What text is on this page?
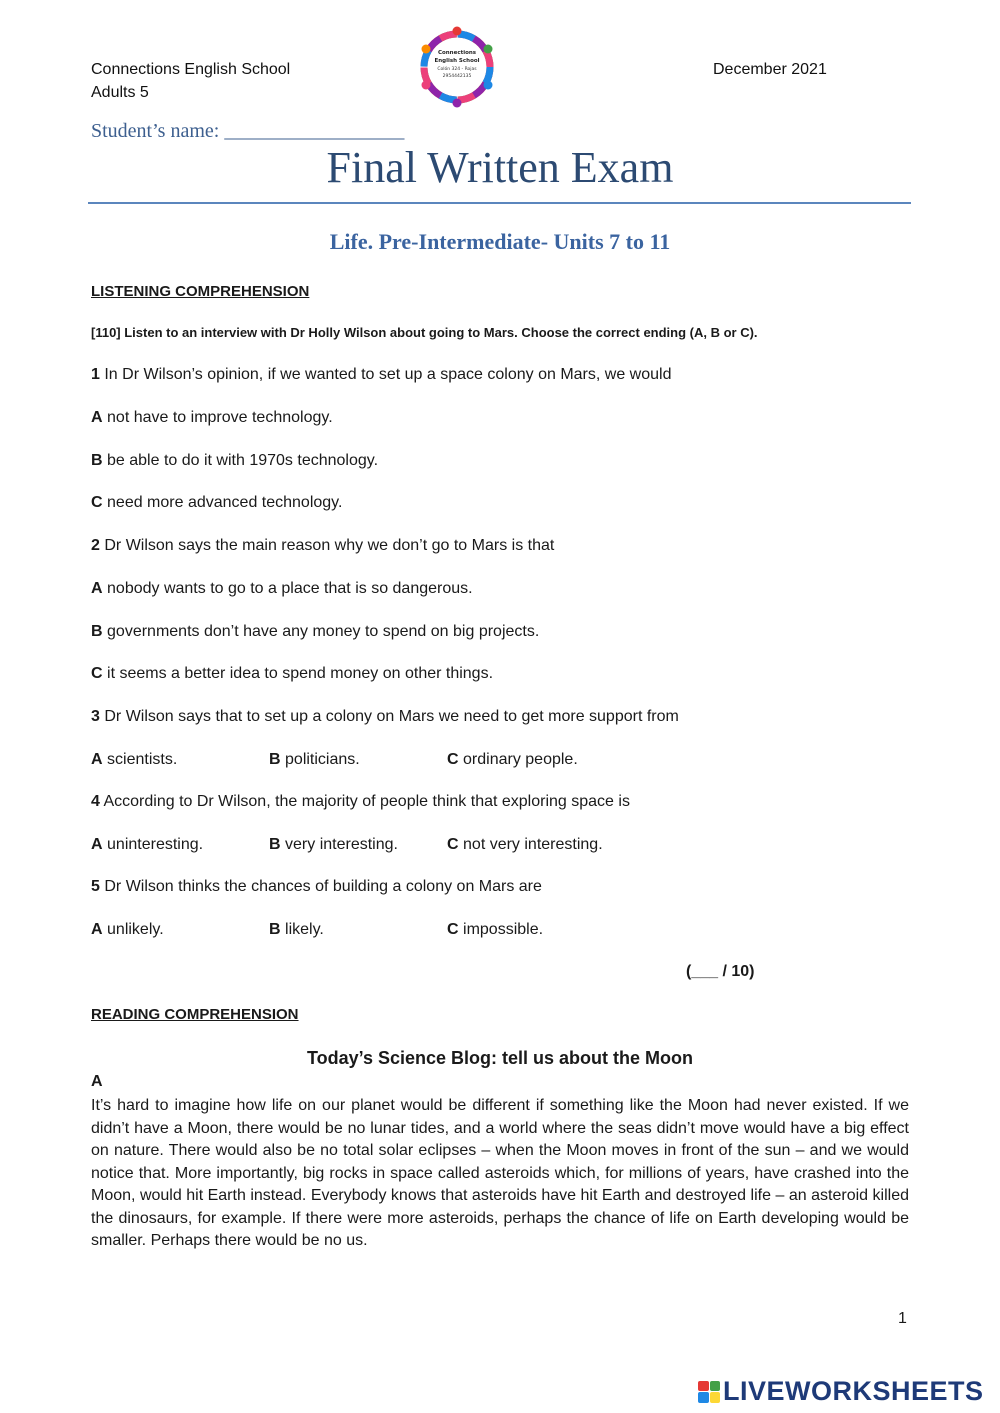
Connections English School
Adults 5
December 2021
Connections
English School
Colón 324 - Rojas
2954442135
Student’s name: __________________
Final Written Exam
Life. Pre-Intermediate- Units 7 to 11
LISTENING COMPREHENSION
[110] Listen to an interview with Dr Holly Wilson about going to Mars. Choose the correct ending (A, B or C).
1 In Dr Wilson’s opinion, if we wanted to set up a space colony on Mars, we would
A not have to improve technology.
B be able to do it with 1970s technology.
C need more advanced technology.
2 Dr Wilson says the main reason why we don’t go to Mars is that
A nobody wants to go to a place that is so dangerous.
B governments don’t have any money to spend on big projects.
C it seems a better idea to spend money on other things.
3 Dr Wilson says that to set up a colony on Mars we need to get more support from
A scientists.	B politicians.	C ordinary people.
4 According to Dr Wilson, the majority of people think that exploring space is
A uninteresting.	B very interesting.	C not very interesting.
5 Dr Wilson thinks the chances of building a colony on Mars are
A unlikely.	B likely.	C impossible.
(___ / 10)
READING COMPREHENSION
Today’s Science Blog: tell us about the Moon
A
It’s hard to imagine how life on our planet would be different if something like the Moon had never existed. If we didn’t have a Moon, there would be no lunar tides, and a world where the seas didn’t move would have a big effect on nature. There would also be no total solar eclipses – when the Moon moves in front of the sun – and we would notice that. More importantly, big rocks in space called asteroids which, for millions of years, have crashed into the Moon, would hit Earth instead. Everybody knows that asteroids have hit Earth and destroyed life – an asteroid killed the dinosaurs, for example. If there were more asteroids, perhaps the chance of life on Earth developing would be smaller. Perhaps there would be no us.
1
LIVEWORKSHEETS
